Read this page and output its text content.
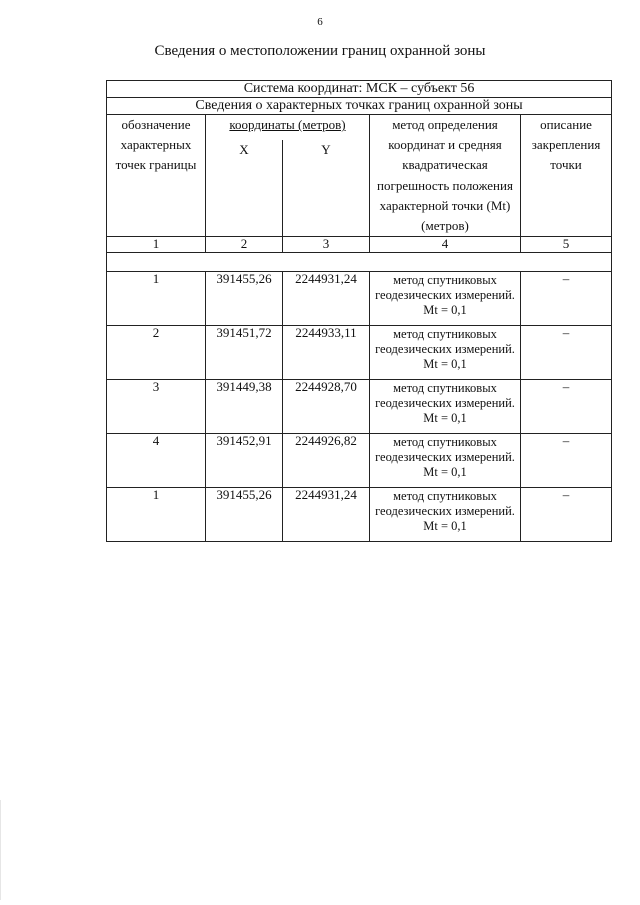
6
Сведения о местоположении границ охранной зоны
Система координат: МСК – субъект 56				
Сведения о характерных точках границ охранной зоны				
обозначение характерных точек границы	координаты (метров)		метод определения координат и средняя квадратическая погрешность положения характерной точки (Mt) (метров)	описание закрепления точки
	X	Y		
1	2	3	4	5

1	391455,26	2244931,24	метод спутниковых геодезических измерений. Mt = 0,1	–
2	391451,72	2244933,11	метод спутниковых геодезических измерений. Mt = 0,1	–
3	391449,38	2244928,70	метод спутниковых геодезических измерений. Mt = 0,1	–
4	391452,91	2244926,82	метод спутниковых геодезических измерений. Mt = 0,1	–
1	391455,26	2244931,24	метод спутниковых геодезических измерений. Mt = 0,1	–
